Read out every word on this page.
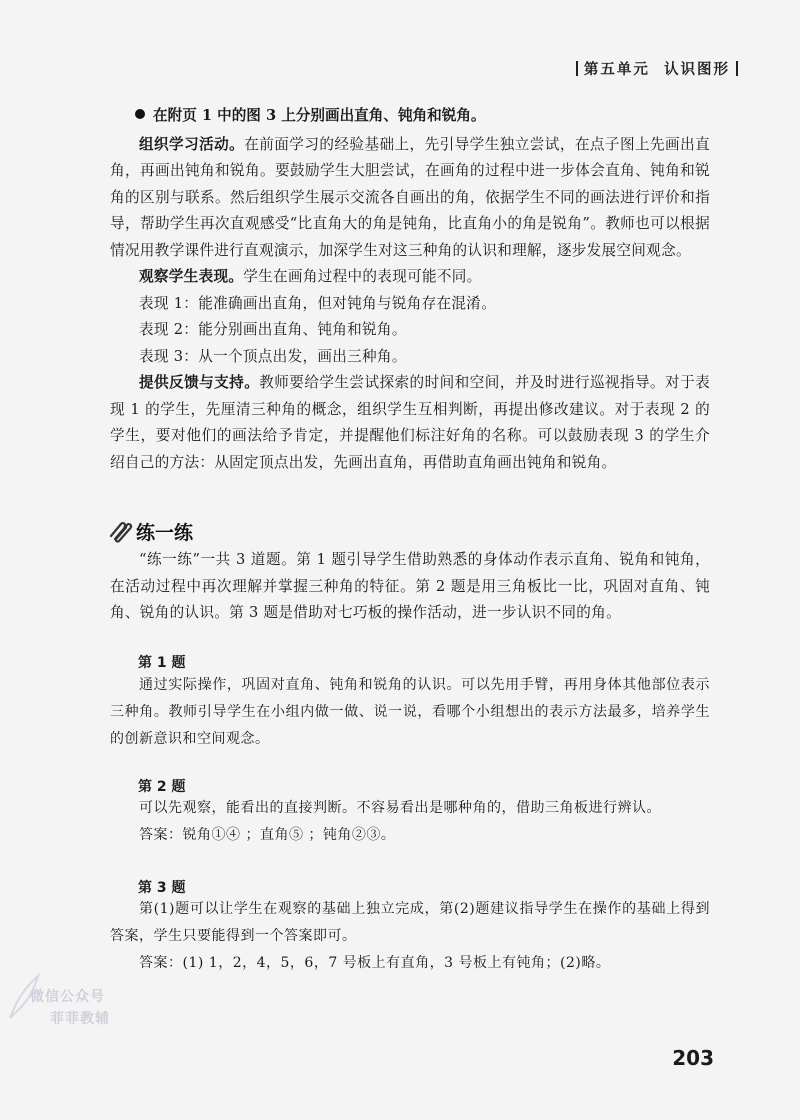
第五单元 认识图形

在附页 1 中的图 3 上分别画出直角、钝角和锐角。

组织学习活动。在前面学习的经验基础上，先引导学生独立尝试，在点子图上先画出直角，再画出钝角和锐角。要鼓励学生大胆尝试，在画角的过程中进一步体会直角、钝角和锐角的区别与联系。然后组织学生展示交流各自画出的角，依据学生不同的画法进行评价和指导，帮助学生再次直观感受“比直角大的角是钝角，比直角小的角是锐角”。教师也可以根据情况用教学课件进行直观演示，加深学生对这三种角的认识和理解，逐步发展空间观念。

观察学生表现。学生在画角过程中的表现可能不同。

表现 1：能准确画出直角，但对钝角与锐角存在混淆。

表现 2：能分别画出直角、钝角和锐角。

表现 3：从一个顶点出发，画出三种角。

提供反馈与支持。教师要给学生尝试探索的时间和空间，并及时进行巡视指导。对于表现 1 的学生，先厘清三种角的概念，组织学生互相判断，再提出修改建议。对于表现 2 的学生，要对他们的画法给予肯定，并提醒他们标注好角的名称。可以鼓励表现 3 的学生介绍自己的方法：从固定顶点出发，先画出直角，再借助直角画出钝角和锐角。

练一练

“练一练”一共 3 道题。第 1 题引导学生借助熟悉的身体动作表示直角、锐角和钝角，在活动过程中再次理解并掌握三种角的特征。第 2 题是用三角板比一比，巩固对直角、钝角、锐角的认识。第 3 题是借助对七巧板的操作活动，进一步认识不同的角。

第 1 题

通过实际操作，巩固对直角、钝角和锐角的认识。可以先用手臂，再用身体其他部位表示三种角。教师引导学生在小组内做一做、说一说，看哪个小组想出的表示方法最多，培养学生的创新意识和空间观念。

第 2 题

可以先观察，能看出的直接判断。不容易看出是哪种角的，借助三角板进行辨认。

答案：锐角①④ ；直角⑤ ；钝角②③。

第 3 题

第(1)题可以让学生在观察的基础上独立完成，第(2)题建议指导学生在操作的基础上得到答案，学生只要能得到一个答案即可。

答案：(1) 1，2，4，5，6，7 号板上有直角，3 号板上有钝角；(2)略。

微信公众号
菲菲教辅
203
